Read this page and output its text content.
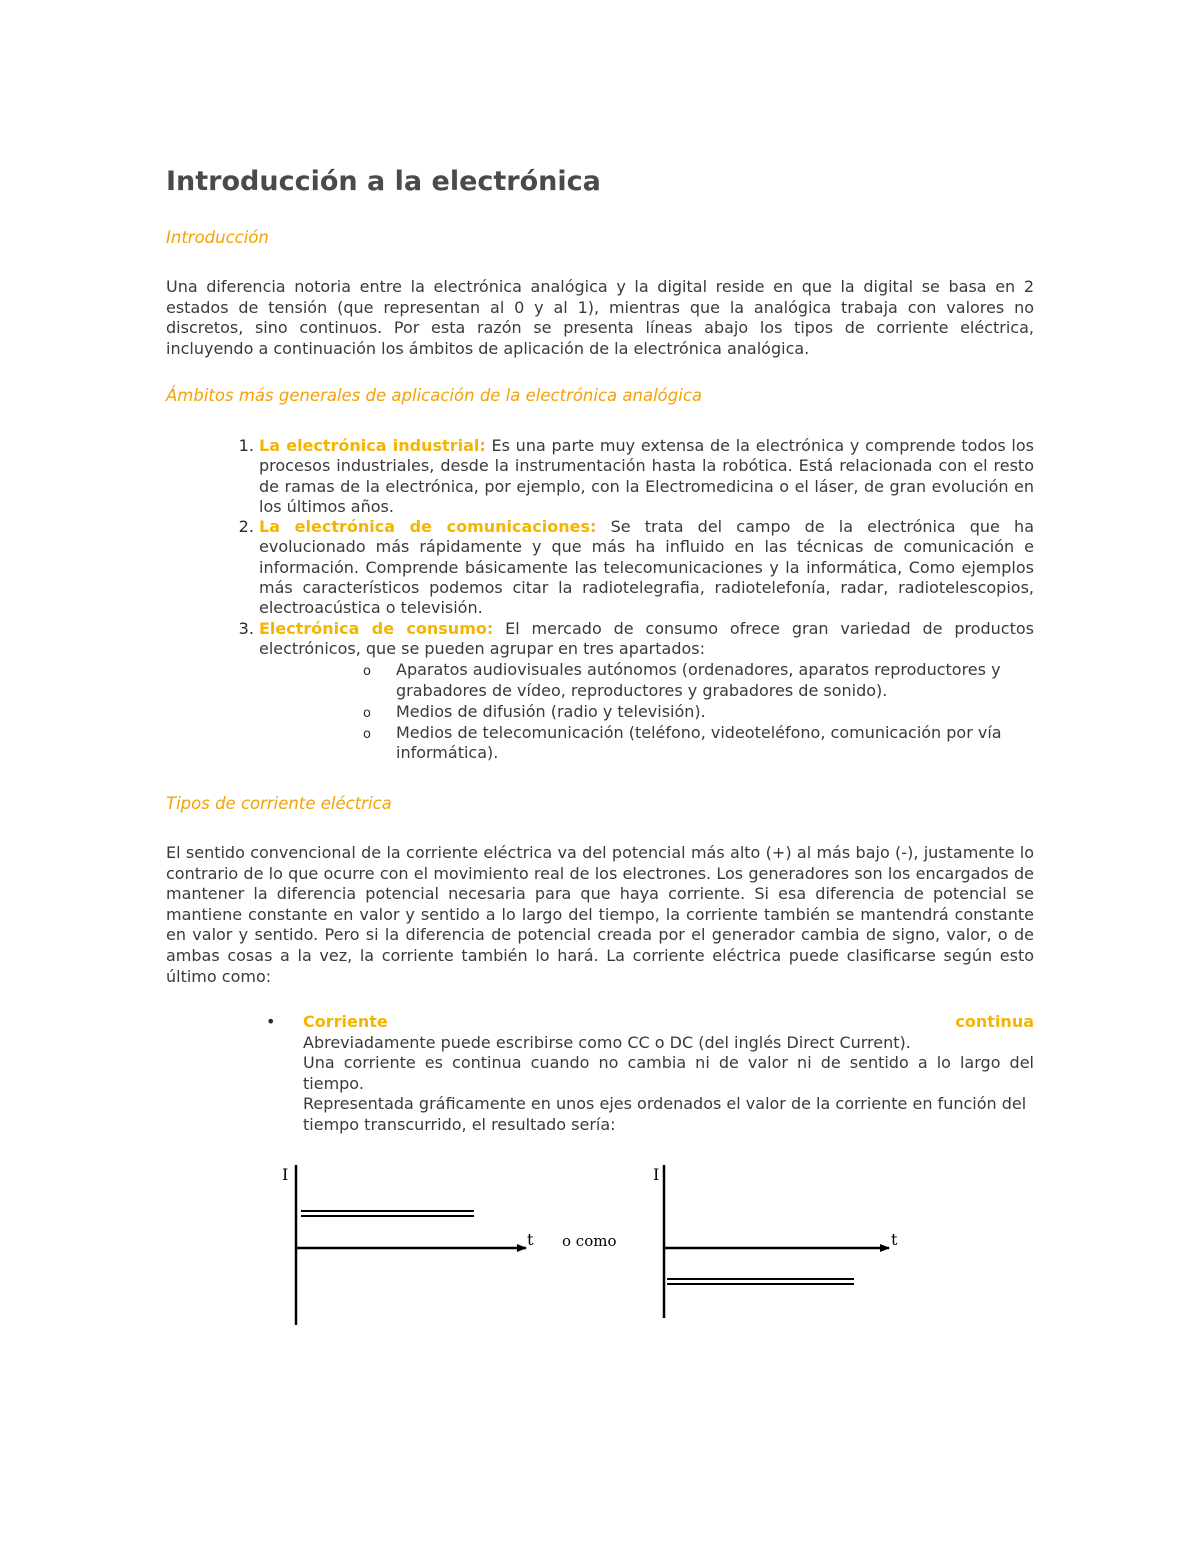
Introducción a la electrónica
Introducción

Una diferencia notoria entre la electrónica analógica y la digital reside en que la digital se basa en 2 estados de tensión (que representan al 0 y al 1), mientras que la analógica trabaja con valores no discretos, sino continuos. Por esta razón se presenta líneas abajo los tipos de corriente eléctrica, incluyendo a continuación los ámbitos de aplicación de la electrónica analógica.

Ámbitos más generales de aplicación de la electrónica analógica
1. La electrónica industrial: Es una parte muy extensa de la electrónica y comprende todos los procesos industriales, desde la instrumentación hasta la robótica. Está relacionada con el resto de ramas de la electrónica, por ejemplo, con la Electromedicina o el láser, de gran evolución en los últimos años.
2. La electrónica de comunicaciones: Se trata del campo de la electrónica que ha evolucionado más rápidamente y que más ha influido en las técnicas de comunicación e información. Comprende básicamente las telecomunicaciones y la informática, Como ejemplos más característicos podemos citar la radiotelegrafia, radiotelefonía, radar, radiotelescopios, electroacústica o televisión.
3. Electrónica de consumo: El mercado de consumo ofrece gran variedad de productos electrónicos, que se pueden agrupar en tres apartados:
o Aparatos audiovisuales autónomos (ordenadores, aparatos reproductores y grabadores de vídeo, reproductores y grabadores de sonido).
o Medios de difusión (radio y televisión).
o Medios de telecomunicación (teléfono, videoteléfono, comunicación por vía informática).
Tipos de corriente eléctrica

El sentido convencional de la corriente eléctrica va del potencial más alto (+) al más bajo (-), justamente lo contrario de lo que ocurre con el movimiento real de los electrones. Los generadores son los encargados de mantener la diferencia potencial necesaria para que haya corriente. Si esa diferencia de potencial se mantiene constante en valor y sentido a lo largo del tiempo, la corriente también se mantendrá constante en valor y sentido. Pero si la diferencia de potencial creada por el generador cambia de signo, valor, o de ambas cosas a la vez, la corriente también lo hará. La corriente eléctrica puede clasificarse según esto último como:

• Corriente	continua
Abreviadamente puede escribirse como CC o DC (del inglés Direct Current).
Una corriente es continua cuando no cambia ni de valor ni de sentido a lo largo del tiempo.
Representada gráficamente en unos ejes ordenados el valor de la corriente en función del tiempo transcurrido, el resultado sería:
I
t o como
I
t
